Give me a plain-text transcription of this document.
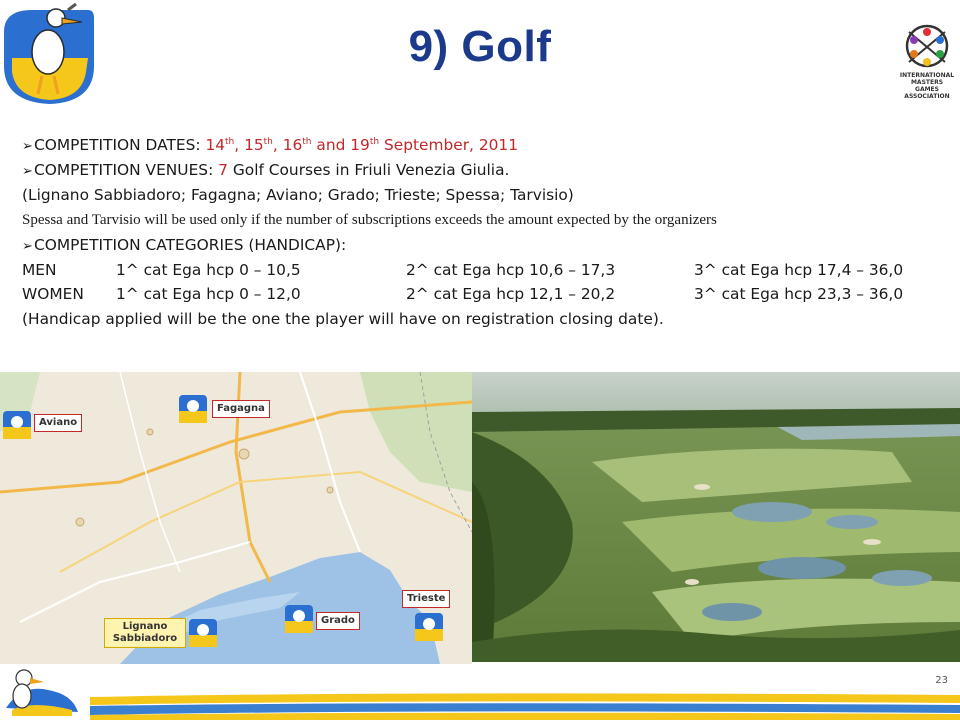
9) Golf
INTERNATIONAL
MASTERS
GAMES
ASSOCIATION
➢COMPETITION DATES: 14th, 15th, 16th and 19th September, 2011
➢COMPETITION VENUES: 7 Golf Courses in Friuli Venezia Giulia.
(Lignano Sabbiadoro; Fagagna; Aviano; Grado; Trieste; Spessa; Tarvisio)
Spessa and Tarvisio will be used only if the number of subscriptions exceeds the amount expected by the organizers
➢COMPETITION CATEGORIES (HANDICAP):
MEN	1^ cat Ega hcp 0 – 10,5	2^ cat Ega hcp 10,6 – 17,3	3^ cat Ega hcp 17,4 – 36,0
WOMEN 1^ cat Ega hcp 0 – 12,0	2^ cat Ega hcp 12,1 – 20,2	3^ cat Ega hcp 23,3 – 36,0
(Handicap applied will be the one the player will have on registration closing date).
Aviano
Fagagna
Trieste
Grado
Lignano
Sabbiadoro
23
